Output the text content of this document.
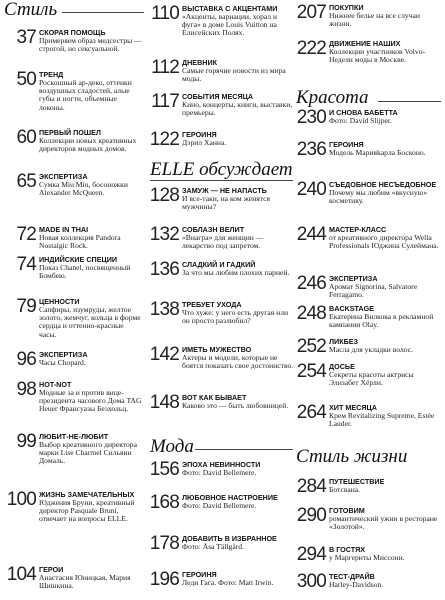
Стиль
37 СКОРАЯ ПОМОЩЬ
Примеряем образ медсестры — строгой, но сексуальной.
50 ТРЕНД
Роскошный ар-деко, оттенки воздушных сладостей, алые губы и ногти, объемные локоны.
60 ПЕРВЫЙ ПОШЕЛ
Коллекции новых креативных директоров модных домов.
65 ЭКСПЕРТИЗА
Сумка Miu Miu, босоножки Alexander McQueen.
72 MADE IN THAI
Новая коллекция Pandora Nostalgic Rock.
74 ИНДИЙСКИЕ СПЕЦИИ
Показ Chanel, посвященный Бомбею.
79 ЦЕННОСТИ
Сапфиры, изумруды, желтое золото, жемчуг, кольца в форме сердца и оттенно-красные часы.
96 ЭКСПЕРТИЗА
Часы Chopard.
98 HOT-NOT
Модные за и против вице-президента часового Дома TAG Heuer Франсуазы Безхольц.
99 ЛЮБИТ-НЕ-ЛЮБИТ
Выбор креативного директора марки Lise Charmel Сильвии Домаль.
100 ЖИЗНЬ ЗАМЕЧАТЕЛЬНЫХ
Юджения Бруни, креативный директор Pasquale Bruni, отвечает на вопросы ELLE.
104 ГЕРОИ
Анастасия Юницкая, Мария Шишкина.
110 ВЫСТАВКА С АКЦЕНТАМИ
«Акценты, вариации, хорал и фуга» в доме Louis Vuitton на Елисейских Полях.
112 ДНЕВНИК
Самые горячие новости из мира моды.
117 СОБЫТИЯ МЕСЯЦА
Кино, концерты, книги, выставки, премьеры.
122 ГЕРОИНЯ
Дэрил Ханна.
ELLE обсуждает
128 ЗАМУЖ — НЕ НАПАСТЬ
И все-таки, на ком женятся мужчины?
132 СОБЛАЗН ВЕЛИТ
«Виагра» для женщин — лекарство под запретом.
136 СЛАДКИЙ И ГАДКИЙ
За что мы любим плохих парней.
138 ТРЕБУЕТ УХОДА
Что хуже: у него есть другая или он просто разлюбил?
142 ИМЕТЬ МУЖЕСТВО
Актеры и модели, которые не боятся показать свое достоинство.
148 ВОТ КАК БЫВАЕТ
Каково это — быть любовницей.
Мода
156 ЭПОХА НЕВИННОСТИ
Фото: David Bellemere.
168 ЛЮБОВНОЕ НАСТРОЕНИЕ
Фото: David Bellemere.
178 ДОБАВИТЬ В ИЗБРАННОЕ
Фото: Åsa Tällgård.
196 ГЕРОИНЯ
Леди Гага. Фото: Matt Irwin.
207 ПОКУПКИ
Нижнее белье на все случаи жизни.
222 ДВИЖЕНИЕ НАШИХ
Коллекции участников Volvo-Недели моды в Москве.
Красота
230 И СНОВА БАБЕТТА
Фото: David Slijper.
236 ГЕРОИНЯ
Модель Марияkapла Босконо.
240 СЪЕДОБНОЕ НЕСЪЕДОБНОЕ
Почему мы любим «вкусную» косметику.
244 МАСТЕР-КЛАСС
от креативного директора Wella Professionals Юджина Сулеймана.
246 ЭКСПЕРТИЗА
Аромат Signorina, Salvatore Ferragamo.
248 BACKSTAGE
Екатерина Вилкова в рекламной кампании Olay.
252 ЛИКБЕЗ
Масла для укладки волос.
254 ДОСЬЕ
Секреты красоты актрисы Элизабет Хёрли.
264 ХИТ МЕСЯЦА
Крем Revitalizing Supreme, Estée Lauder.
Стиль жизни
284 ПУТЕШЕСТВИЕ
Ботсвана.
290 ГОТОВИМ
романтический ужин в ресторане «Золотой».
294 В ГОСТЯХ
у Маргериты Миссони.
300 ТЕСТ-ДРАЙВ
Harley-Davidson.
